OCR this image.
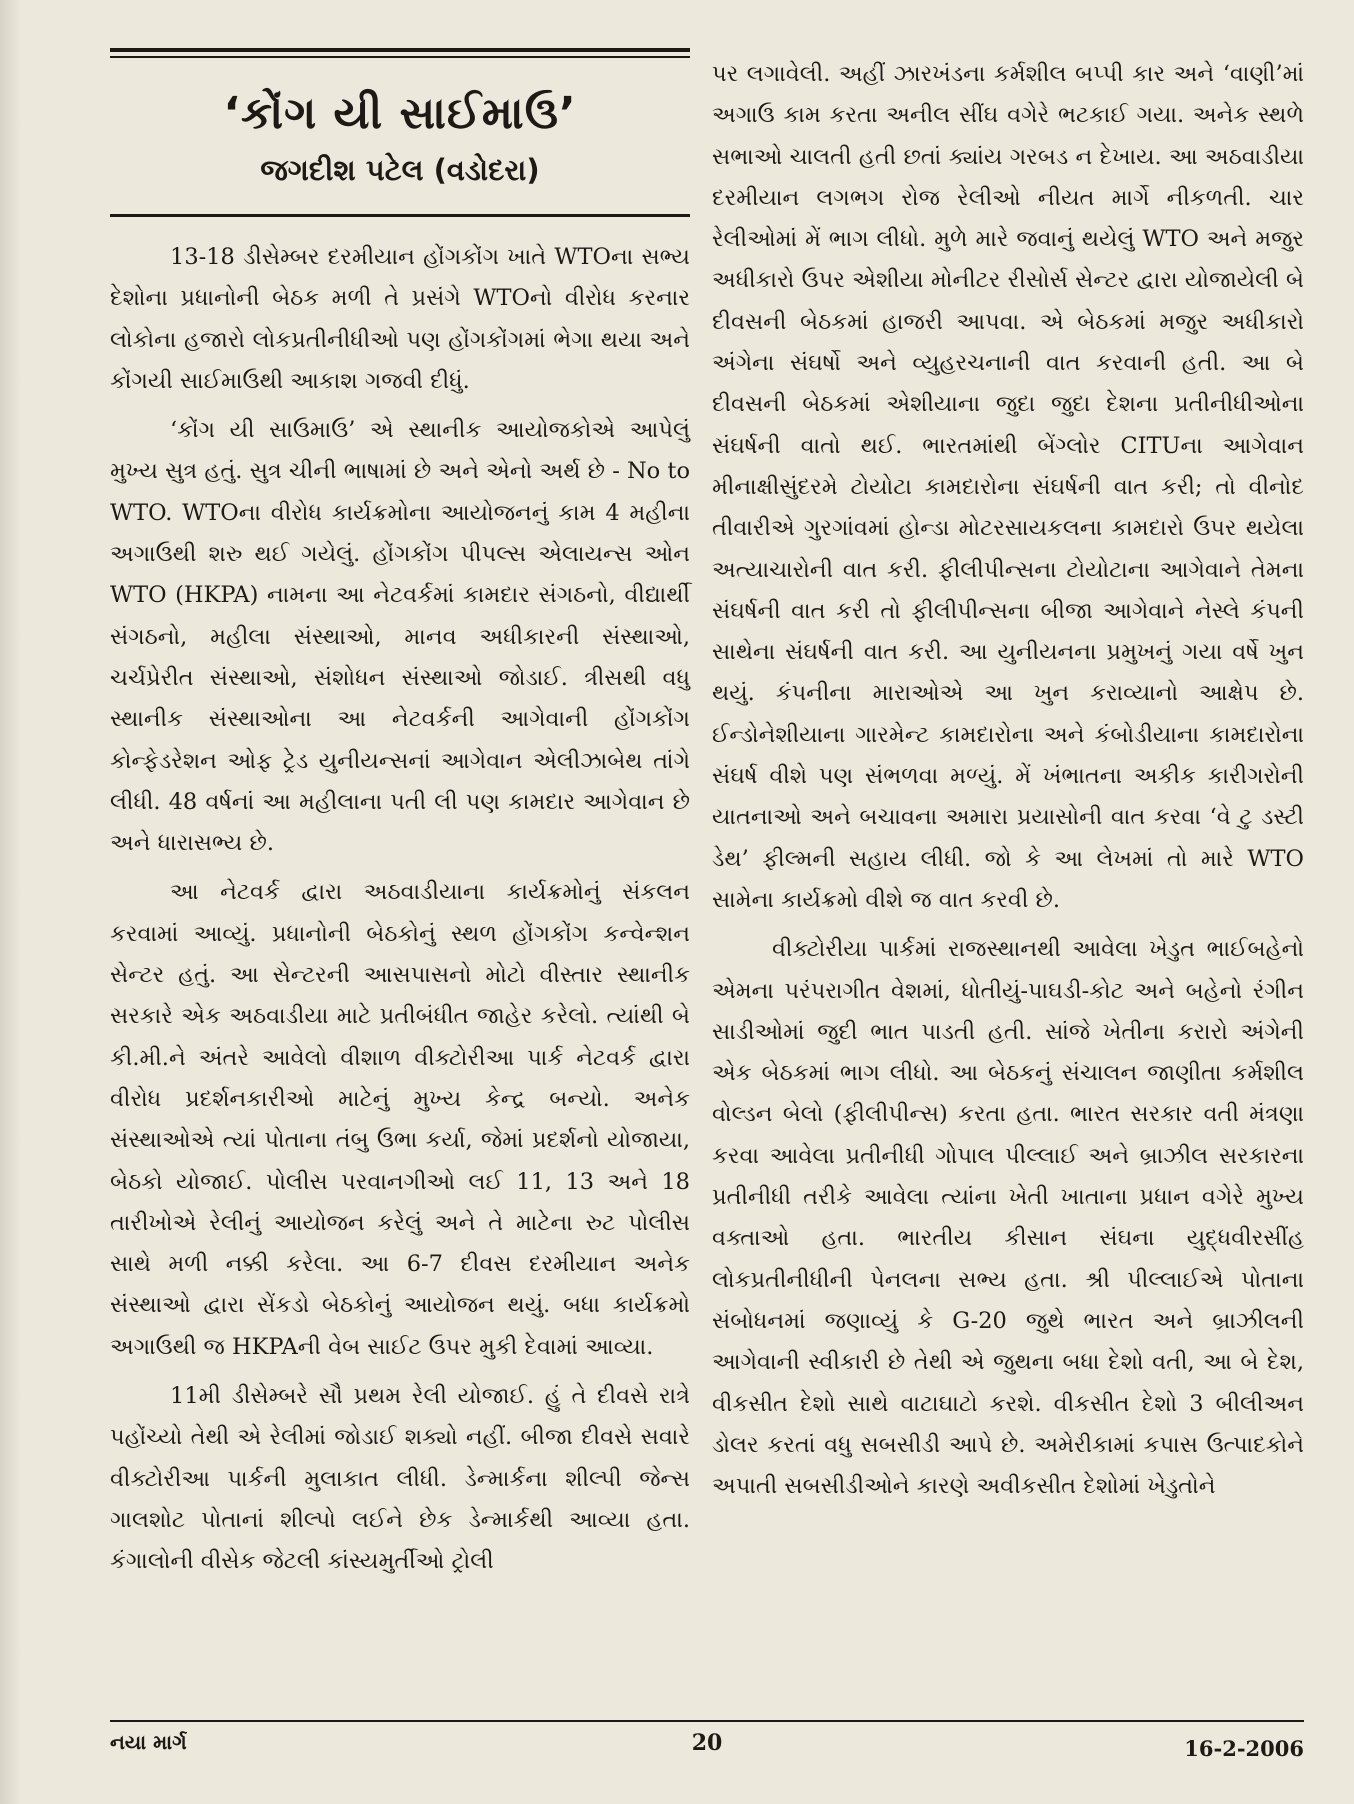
‘કોંગ યી સાઈમાઉ’
જગદીશ પટેલ (વડોદરા)

13-18 ડીસેમ્બર દરમીયાન હોંગકોંગ ખાતે WTOના સભ્ય દેશોના પ્રધાનોની બેઠક મળી તે પ્રસંગે WTOનો વીરોધ કરનાર લોકોના હજારો લોકપ્રતીનીધીઓ પણ હોંગકોંગમાં ભેગા થયા અને કોંગયી સાઈમાઉથી આકાશ ગજવી દીધું.

‘કોંગ યી સાઉમાઉ’ એ સ્થાનીક આયોજકોએ આપેલું મુખ્ય સુત્ર હતું. સુત્ર ચીની ભાષામાં છે અને એનો અર્થ છે - No to WTO. WTOના વીરોધ કાર્યક્રમોના આયોજનનું કામ 4 મહીના અગાઉથી શરુ થઈ ગયેલું. હોંગકોંગ પીપલ્સ એલાયન્સ ઓન WTO (HKPA) નામના આ નેટવર્કમાં કામદાર સંગઠનો, વીદ્યાર્થી સંગઠનો, મહીલા સંસ્થાઓ, માનવ અધીકારની સંસ્થાઓ, ચર્ચપ્રેરીત સંસ્થાઓ, સંશોધન સંસ્થાઓ જોડાઈ. ત્રીસથી વધુ સ્થાનીક સંસ્થાઓના આ નેટવર્કની આગેવાની હોંગકોંગ કોન્ફેડરેશન ઓફ ટ્રેડ યુનીયન્સનાં આગેવાન એલીઝાબેથ તાંગે લીધી. 48 વર્ષનાં આ મહીલાના પતી લી પણ કામદાર આગેવાન છે અને ધારાસભ્ય છે.

આ નેટવર્ક દ્વારા અઠવાડીયાના કાર્યક્રમોનું સંકલન કરવામાં આવ્યું. પ્રધાનોની બેઠકોનું સ્થળ હોંગકોંગ કન્વેન્શન સેન્ટર હતું. આ સેન્ટરની આસપાસનો મોટો વીસ્તાર સ્થાનીક સરકારે એક અઠવાડીયા માટે પ્રતીબંધીત જાહેર કરેલો. ત્યાંથી બે કી.મી.ને અંતરે આવેલો વીશાળ વીક્ટોરીઆ પાર્ક નેટવર્ક દ્વારા વીરોધ પ્રદર્શનકારીઓ માટેનું મુખ્ય કેન્દ્ર બન્યો. અનેક સંસ્થાઓએ ત્યાં પોતાના તંબુ ઉભા કર્યા, જેમાં પ્રદર્શનો યોજાયા, બેઠકો યોજાઈ. પોલીસ પરવાનગીઓ લઈ 11, 13 અને 18 તારીખોએ રેલીનું આયોજન કરેલું અને તે માટેના રુટ પોલીસ સાથે મળી નક્કી કરેલા. આ 6-7 દીવસ દરમીયાન અનેક સંસ્થાઓ દ્વારા સેંકડો બેઠકોનું આયોજન થયું. બધા કાર્યક્રમો અગાઉથી જ HKPAની વેબ સાઈટ ઉપર મુકી દેવામાં આવ્યા.

11મી ડીસેમ્બરે સૌ પ્રથમ રેલી યોજાઈ. હું તે દીવસે રાત્રે પહોંચ્યો તેથી એ રેલીમાં જોડાઈ શક્યો નહીં. બીજા દીવસે સવારે વીક્ટોરીઆ પાર્કની મુલાકાત લીધી. ડેન્માર્કના શીલ્પી જેન્સ ગાલશોટ પોતાનાં શીલ્પો લઈને છેક ડેન્માર્કથી આવ્યા હતા. કંગાલોની વીસેક જેટલી કાંસ્યમુર્તીઓ ટ્રોલી

પર લગાવેલી. અહીં ઝારખંડના કર્મશીલ બપ્પી કાર અને ‘વાણી’માં અગાઉ કામ કરતા અનીલ સીંઘ વગેરે ભટકાઈ ગયા. અનેક સ્થળે સભાઓ ચાલતી હતી છતાં ક્યાંય ગરબડ ન દેખાય. આ અઠવાડીયા દરમીયાન લગભગ રોજ રેલીઓ નીયત માર્ગે નીકળતી. ચાર રેલીઓમાં મેં ભાગ લીધો. મુળે મારે જવાનું થયેલું WTO અને મજુર અધીકારો ઉપર એશીયા મોનીટર રીસોર્સ સેન્ટર દ્વારા યોજાયેલી બે દીવસની બેઠકમાં હાજરી આપવા. એ બેઠકમાં મજુર અધીકારો અંગેના સંઘર્ષો અને વ્યુહરચનાની વાત કરવાની હતી. આ બે દીવસની બેઠકમાં એશીયાના જુદા જુદા દેશના પ્રતીનીધીઓના સંઘર્ષની વાતો થઈ. ભારતમાંથી બેંગ્લોર CITUના આગેવાન મીનાક્ષીસુંદરમે ટોયોટા કામદારોના સંઘર્ષની વાત કરી; તો વીનોદ તીવારીએ ગુરગાંવમાં હોન્ડા મોટરસાયકલના કામદારો ઉપર થયેલા અત્યાચારોની વાત કરી. ફીલીપીન્સના ટોયોટાના આગેવાને તેમના સંઘર્ષની વાત કરી તો ફીલીપીન્સના બીજા આગેવાને નેસ્લે કંપની સાથેના સંઘર્ષની વાત કરી. આ યુનીયનના પ્રમુખનું ગયા વર્ષે ખુન થયું. કંપનીના મારાઓએ આ ખુન કરાવ્યાનો આક્ષેપ છે. ઈન્ડોનેશીયાના ગારમેન્ટ કામદારોના અને કંબોડીયાના કામદારોના સંઘર્ષ વીશે પણ સંભળવા મળ્યું. મેં ખંભાતના અકીક કારીગરોની યાતનાઓ અને બચાવના અમારા પ્રયાસોની વાત કરવા ‘વે ટુ ડસ્ટી ડેથ’ ફીલ્મની સહાય લીધી. જો કે આ લેખમાં તો મારે WTO સામેના કાર્યક્રમો વીશે જ વાત કરવી છે.

વીક્ટોરીયા પાર્કમાં રાજસ્થાનથી આવેલા ખેડુત ભાઈબહેનો એમના પરંપરાગીત વેશમાં, ધોતીયું-પાઘડી-કોટ અને બહેનો રંગીન સાડીઓમાં જુદી ભાત પાડતી હતી. સાંજે ખેતીના કરારો અંગેની એક બેઠકમાં ભાગ લીધો. આ બેઠકનું સંચાલન જાણીતા કર્મશીલ વોલ્ડન બેલો (ફીલીપીન્સ) કરતા હતા. ભારત સરકાર વતી મંત્રણા કરવા આવેલા પ્રતીનીધી ગોપાલ પીલ્લાઈ અને બ્રાઝીલ સરકારના પ્રતીનીધી તરીકે આવેલા ત્યાંના ખેતી ખાતાના પ્રધાન વગેરે મુખ્ય વક્તાઓ હતા. ભારતીય કીસાન સંઘના યુદ્ધવીરસીંહ લોકપ્રતીનીધીની પેનલના સભ્ય હતા. શ્રી પીલ્લાઈએ પોતાના સંબોધનમાં જણાવ્યું કે G-20 જુથે ભારત અને બ્રાઝીલની આગેવાની સ્વીકારી છે તેથી એ જુથના બધા દેશો વતી, આ બે દેશ, વીકસીત દેશો સાથે વાટાઘાટો કરશે. વીકસીત દેશો 3 બીલીઅન ડોલર કરતાં વધુ સબસીડી આપે છે. અમેરીકામાં કપાસ ઉત્પાદકોને અપાતી સબસીડીઓને કારણે અવીકસીત દેશોમાં ખેડુતોને

નયા માર્ગ	20	16-2-2006
